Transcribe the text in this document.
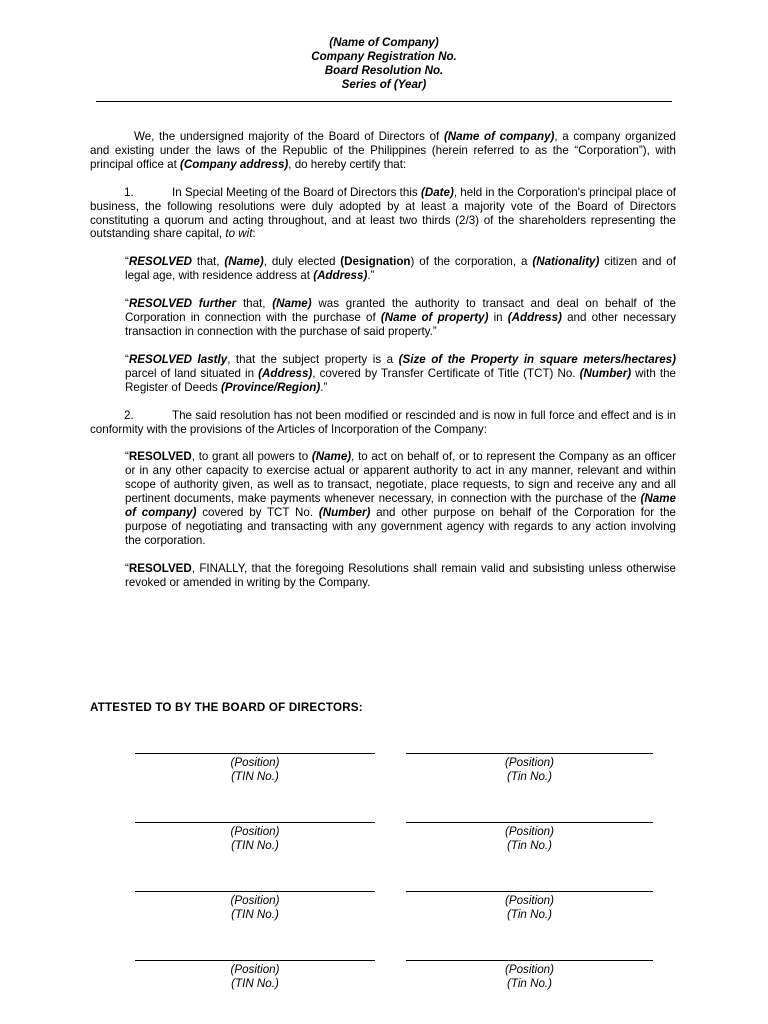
(Name of Company)
Company Registration No.
Board Resolution No.
Series of (Year)

We, the undersigned majority of the Board of Directors of (Name of company), a company organized and existing under the laws of the Republic of the Philippines (herein referred to as the “Corporation”), with principal office at (Company address), do hereby certify that:

1.	In Special Meeting of the Board of Directors this (Date), held in the Corporation's principal place of business, the following resolutions were duly adopted by at least a majority vote of the Board of Directors constituting a quorum and acting throughout, and at least two thirds (2/3) of the shareholders representing the outstanding share capital, to wit:

“RESOLVED that, (Name), duly elected (Designation) of the corporation, a (Nationality) citizen and of legal age, with residence address at (Address).”

“RESOLVED further that, (Name) was granted the authority to transact and deal on behalf of the Corporation in connection with the purchase of (Name of property) in (Address) and other necessary transaction in connection with the purchase of said property.”

“RESOLVED lastly, that the subject property is a (Size of the Property in square meters/hectares) parcel of land situated in (Address), covered by Transfer Certificate of Title (TCT) No. (Number) with the Register of Deeds (Province/Region).”

2.	The said resolution has not been modified or rescinded and is now in full force and effect and is in conformity with the provisions of the Articles of Incorporation of the Company:

“RESOLVED, to grant all powers to (Name), to act on behalf of, or to represent the Company as an officer or in any other capacity to exercise actual or apparent authority to act in any manner, relevant and within scope of authority given, as well as to transact, negotiate, place requests, to sign and receive any and all pertinent documents, make payments whenever necessary, in connection with the purchase of the (Name of company) covered by TCT No. (Number) and other purpose on behalf of the Corporation for the purpose of negotiating and transacting with any government agency with regards to any action involving the corporation.

“RESOLVED, FINALLY, that the foregoing Resolutions shall remain valid and subsisting unless otherwise revoked or amended in writing by the Company.

ATTESTED TO BY THE BOARD OF DIRECTORS:
(Position)
(TIN No.)
(Position)
(Tin No.)
(Position)
(TIN No.)
(Position)
(Tin No.)
(Position)
(TIN No.)
(Position)
(Tin No.)
(Position)
(TIN No.)
(Position)
(Tin No.)
